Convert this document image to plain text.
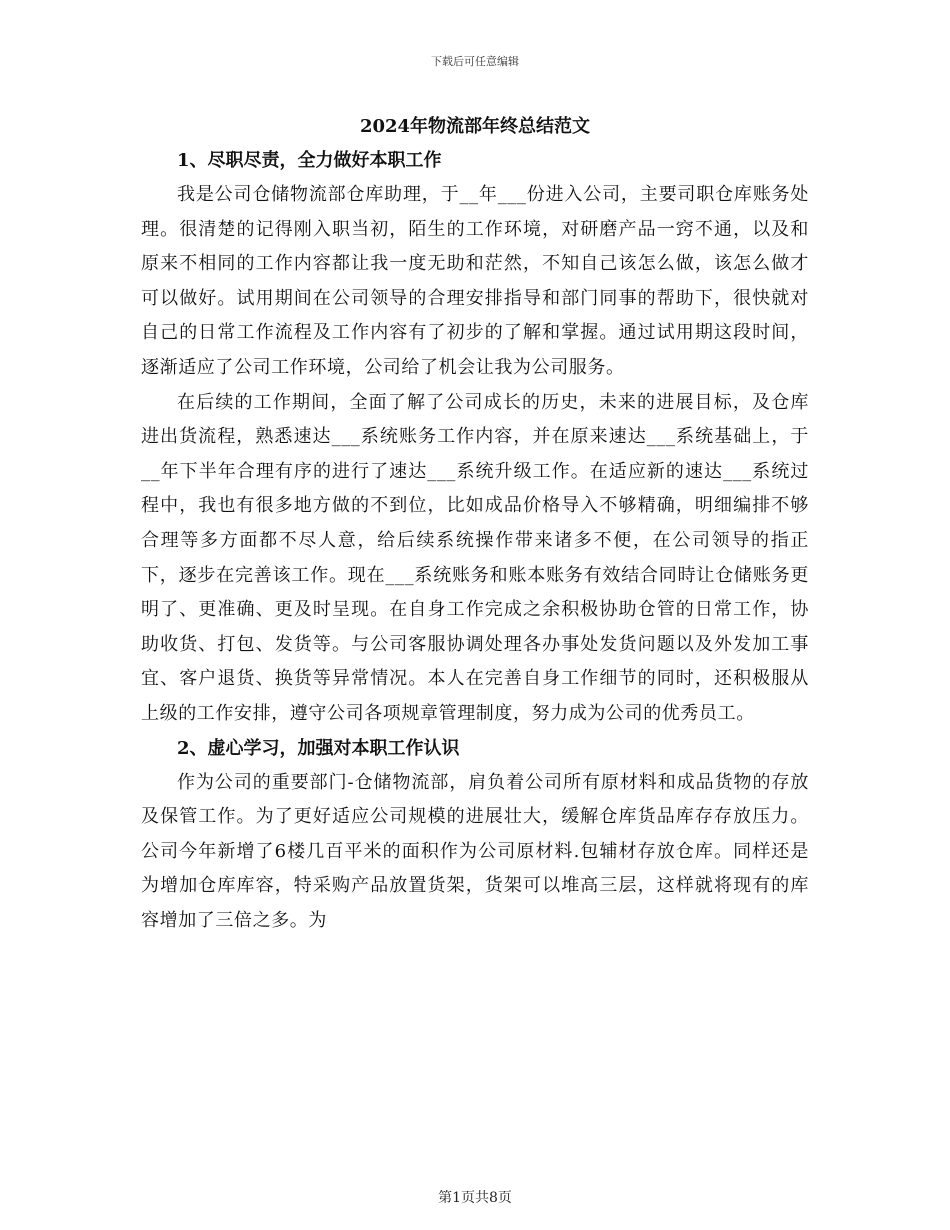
下载后可任意编辑
2024年物流部年终总结范文
1、尽职尽责，全力做好本职工作

我是公司仓储物流部仓库助理，于__年___份进入公司，主要司职仓库账务处理。很清楚的记得刚入职当初，陌生的工作环境，对研磨产品一窍不通，以及和原来不相同的工作内容都让我一度无助和茫然，不知自己该怎么做，该怎么做才可以做好。试用期间在公司领导的合理安排指导和部门同事的帮助下，很快就对自己的日常工作流程及工作内容有了初步的了解和掌握。通过试用期这段时间，逐渐适应了公司工作环境，公司给了机会让我为公司服务。

在后续的工作期间，全面了解了公司成长的历史，未来的进展目标，及仓库进出货流程，熟悉速达___系统账务工作内容，并在原来速达___系统基础上，于__年下半年合理有序的进行了速达___系统升级工作。在适应新的速达___系统过程中，我也有很多地方做的不到位，比如成品价格导入不够精确，明细编排不够合理等多方面都不尽人意，给后续系统操作带来诸多不便，在公司领导的指正下，逐步在完善该工作。现在___系统账务和账本账务有效结合同時让仓储账务更明了、更准确、更及时呈现。在自身工作完成之余积极协助仓管的日常工作，协助收货、打包、发货等。与公司客服协调处理各办事处发货问题以及外发加工事宜、客户退货、换货等异常情况。本人在完善自身工作细节的同时，还积极服从上级的工作安排，遵守公司各项规章管理制度，努力成为公司的优秀员工。

2、虚心学习，加强对本职工作认识

作为公司的重要部门-仓储物流部，肩负着公司所有原材料和成品货物的存放及保管工作。为了更好适应公司规模的进展壮大，缓解仓库货品库存存放压力。公司今年新增了6楼几百平米的面积作为公司原材料.包辅材存放仓库。同样还是为增加仓库库容，特采购产品放置货架，货架可以堆高三层，这样就将现有的库容增加了三倍之多。为

第1页共8页
